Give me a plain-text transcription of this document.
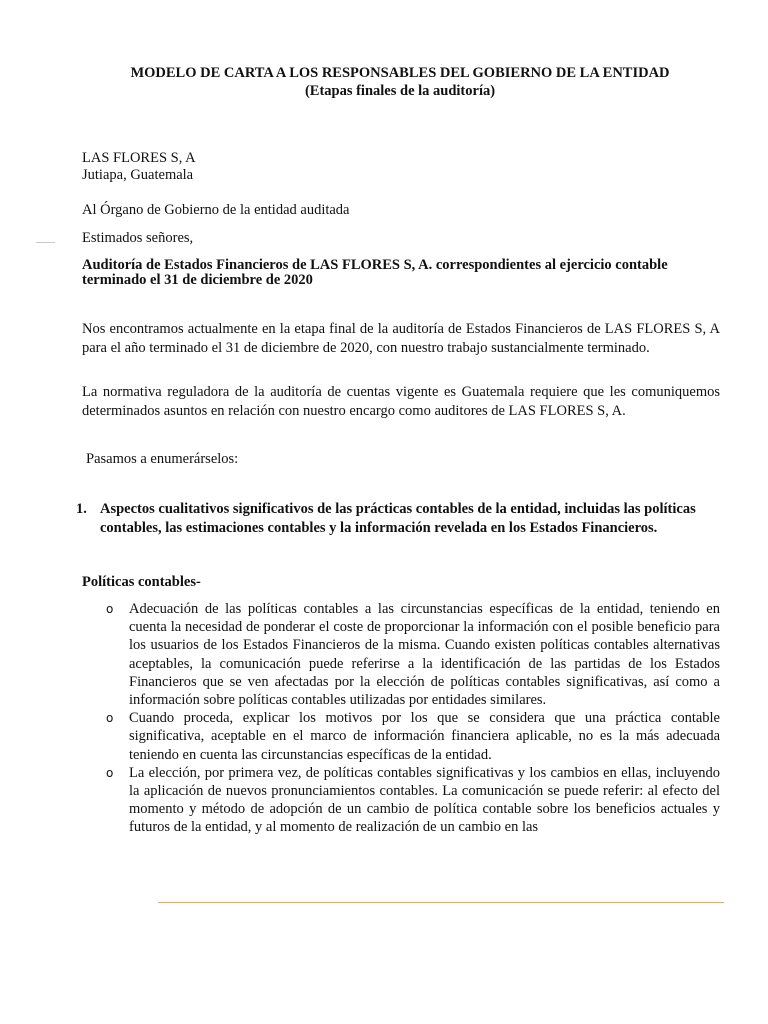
MODELO DE CARTA A LOS RESPONSABLES DEL GOBIERNO DE LA ENTIDAD
(Etapas finales de la auditoría)
LAS FLORES S, A
Jutiapa, Guatemala
Al Órgano de Gobierno de la entidad auditada
Estimados señores,
Auditoría de Estados Financieros de LAS FLORES S, A. correspondientes al ejercicio contable terminado el 31 de diciembre de 2020
Nos encontramos actualmente en la etapa final de la auditoría de Estados Financieros de LAS FLORES S, A para el año terminado el 31 de diciembre de 2020, con nuestro trabajo sustancialmente terminado.
La normativa reguladora de la auditoría de cuentas vigente es Guatemala requiere que les comuniquemos determinados asuntos en relación con nuestro encargo como auditores de LAS FLORES S, A.
Pasamos a enumerárselos:
1. Aspectos cualitativos significativos de las prácticas contables de la entidad, incluidas las políticas contables, las estimaciones contables y la información revelada en los Estados Financieros.
Políticas contables-

o Adecuación de las políticas contables a las circunstancias específicas de la entidad, teniendo en cuenta la necesidad de ponderar el coste de proporcionar la información con el posible beneficio para los usuarios de los Estados Financieros de la misma. Cuando existen políticas contables alternativas aceptables, la comunicación puede referirse a la identificación de las partidas de los Estados Financieros que se ven afectadas por la elección de políticas contables significativas, así como a información sobre políticas contables utilizadas por entidades similares.

o Cuando proceda, explicar los motivos por los que se considera que una práctica contable significativa, aceptable en el marco de información financiera aplicable, no es la más adecuada teniendo en cuenta las circunstancias específicas de la entidad.

o La elección, por primera vez, de políticas contables significativas y los cambios en ellas, incluyendo la aplicación de nuevos pronunciamientos contables. La comunicación se puede referir: al efecto del momento y método de adopción de un cambio de política contable sobre los beneficios actuales y futuros de la entidad, y al momento de realización de un cambio en las
